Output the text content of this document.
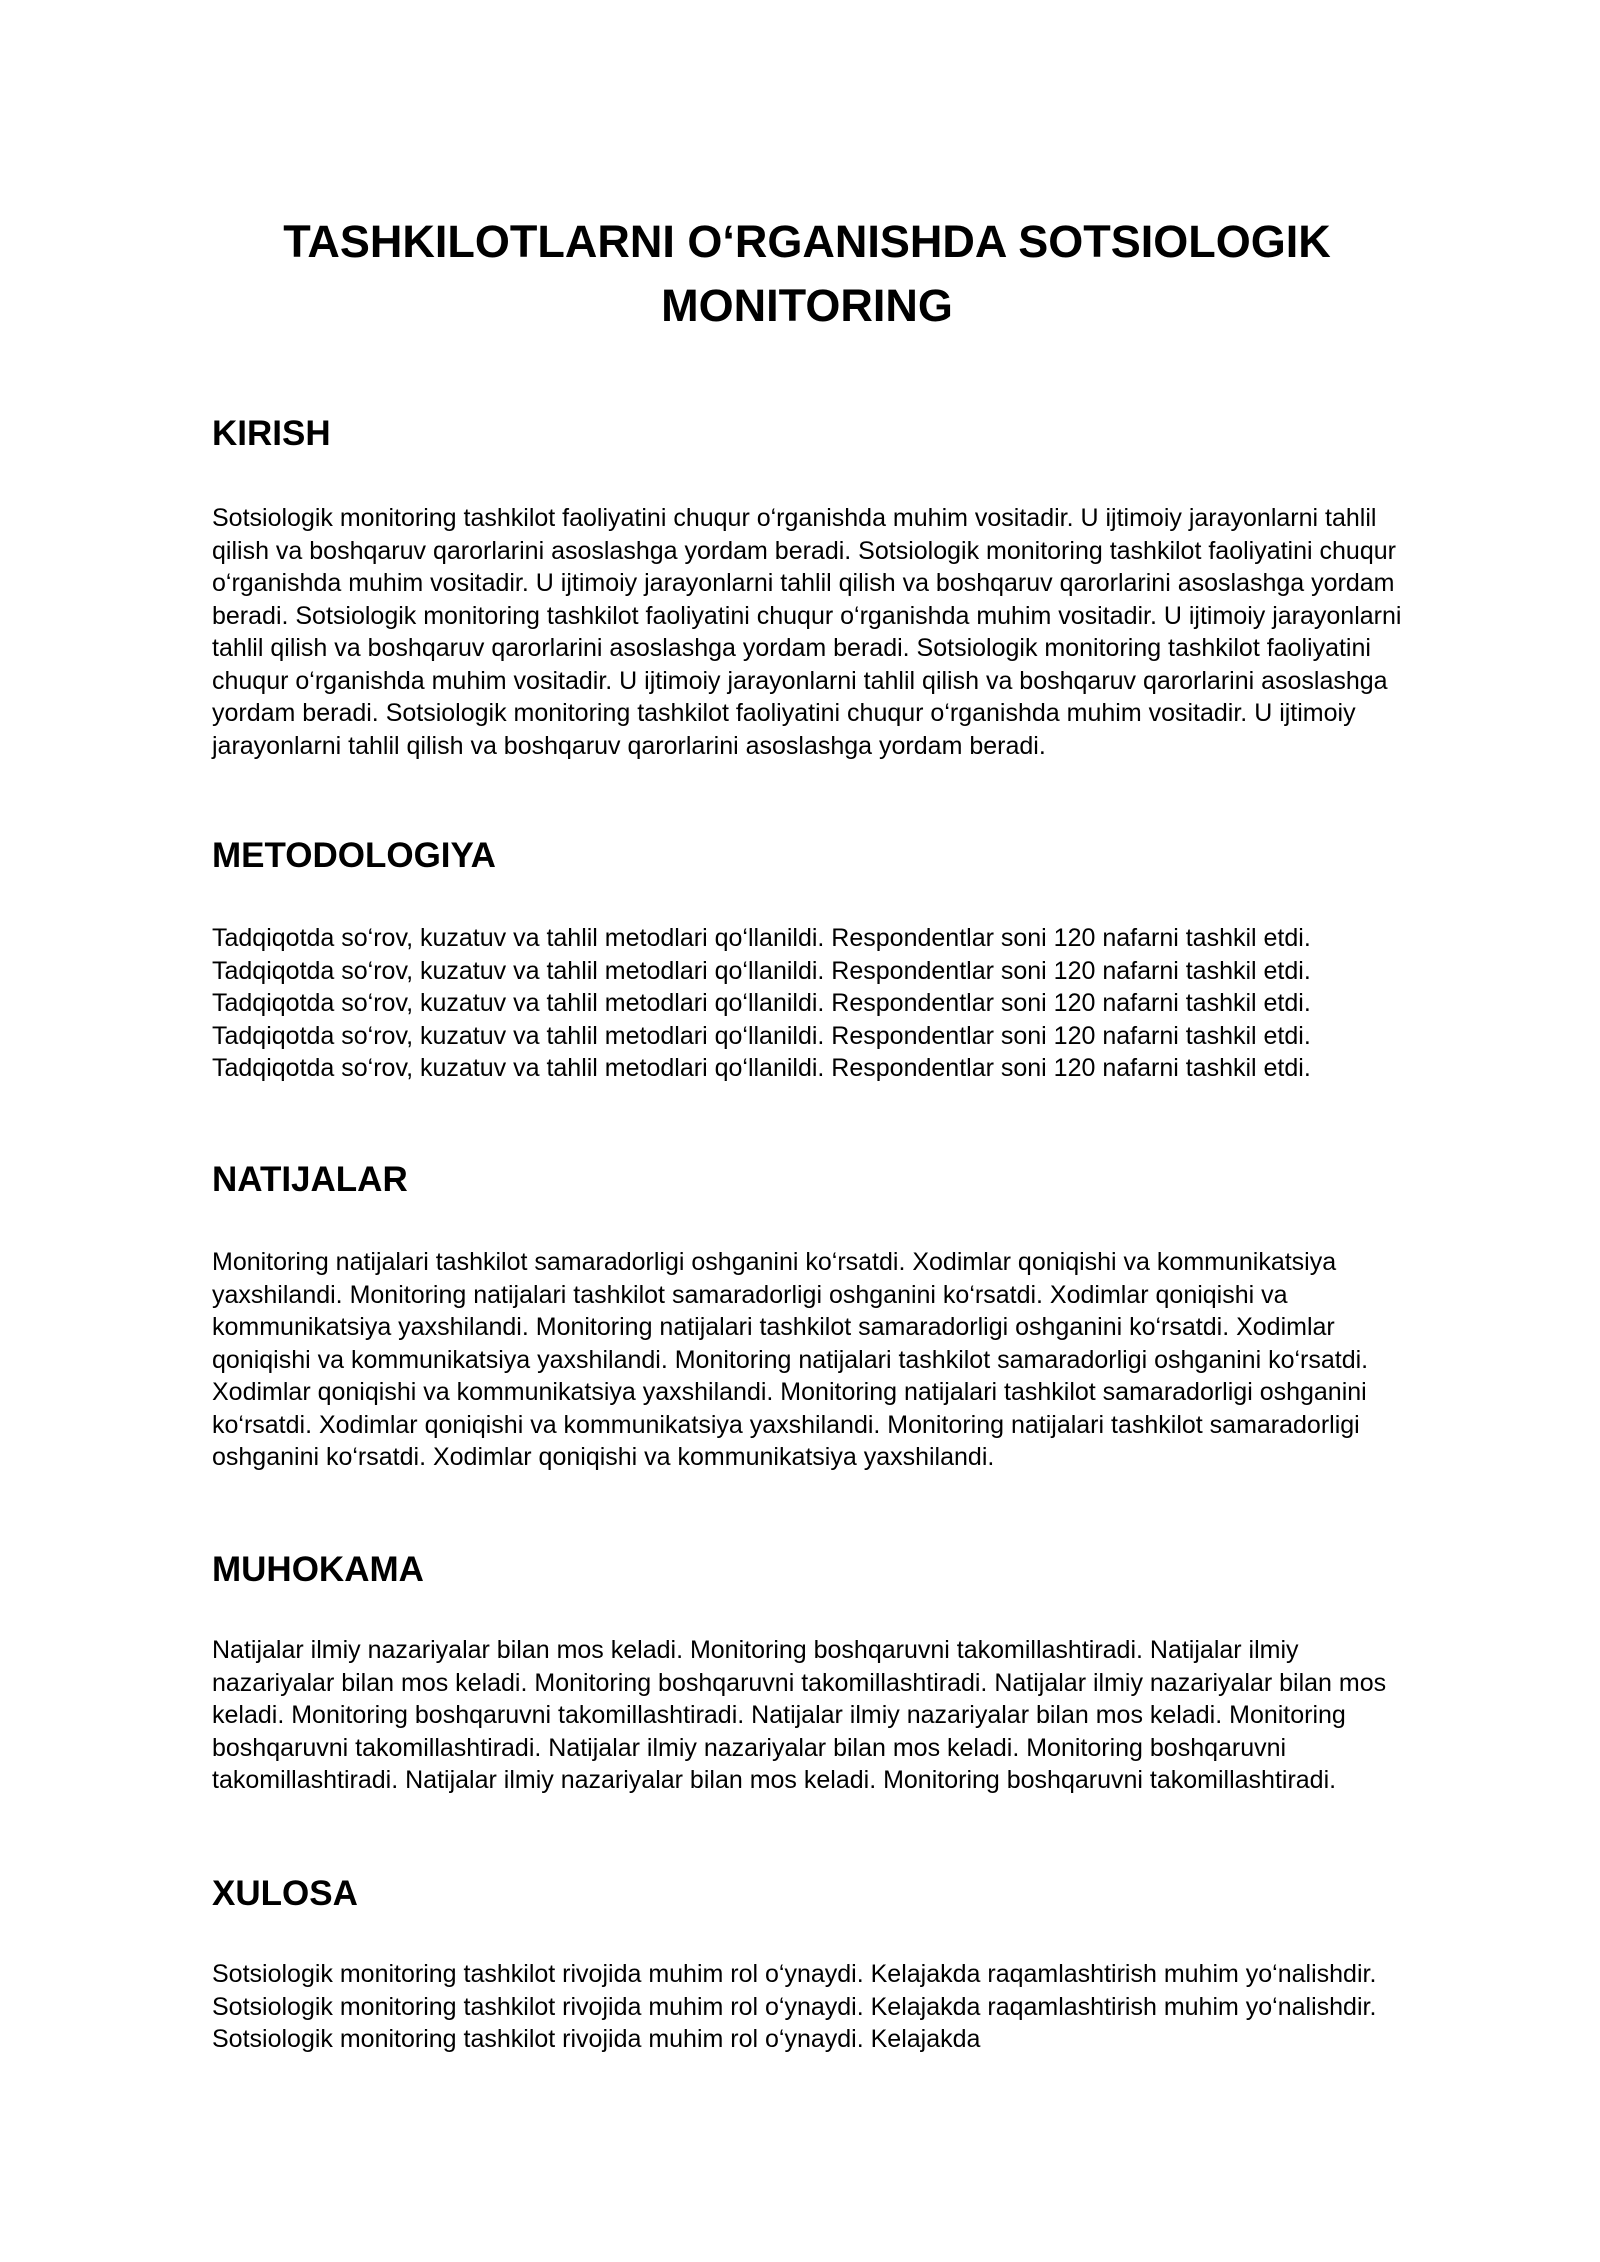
TASHKILOTLARNI O‘RGANISHDA SOTSIOLOGIK MONITORING
KIRISH

Sotsiologik monitoring tashkilot faoliyatini chuqur o‘rganishda muhim vositadir. U ijtimoiy jarayonlarni tahlil qilish va boshqaruv qarorlarini asoslashga yordam beradi. Sotsiologik monitoring tashkilot faoliyatini chuqur o‘rganishda muhim vositadir. U ijtimoiy jarayonlarni tahlil qilish va boshqaruv qarorlarini asoslashga yordam beradi. Sotsiologik monitoring tashkilot faoliyatini chuqur o‘rganishda muhim vositadir. U ijtimoiy jarayonlarni tahlil qilish va boshqaruv qarorlarini asoslashga yordam beradi. Sotsiologik monitoring tashkilot faoliyatini chuqur o‘rganishda muhim vositadir. U ijtimoiy jarayonlarni tahlil qilish va boshqaruv qarorlarini asoslashga yordam beradi. Sotsiologik monitoring tashkilot faoliyatini chuqur o‘rganishda muhim vositadir. U ijtimoiy jarayonlarni tahlil qilish va boshqaruv qarorlarini asoslashga yordam beradi.

METODOLOGIYA

Tadqiqotda so‘rov, kuzatuv va tahlil metodlari qo‘llanildi. Respondentlar soni 120 nafarni tashkil etdi. Tadqiqotda so‘rov, kuzatuv va tahlil metodlari qo‘llanildi. Respondentlar soni 120 nafarni tashkil etdi. Tadqiqotda so‘rov, kuzatuv va tahlil metodlari qo‘llanildi. Respondentlar soni 120 nafarni tashkil etdi. Tadqiqotda so‘rov, kuzatuv va tahlil metodlari qo‘llanildi. Respondentlar soni 120 nafarni tashkil etdi. Tadqiqotda so‘rov, kuzatuv va tahlil metodlari qo‘llanildi. Respondentlar soni 120 nafarni tashkil etdi.

NATIJALAR

Monitoring natijalari tashkilot samaradorligi oshganini ko‘rsatdi. Xodimlar qoniqishi va kommunikatsiya yaxshilandi. Monitoring natijalari tashkilot samaradorligi oshganini ko‘rsatdi. Xodimlar qoniqishi va kommunikatsiya yaxshilandi. Monitoring natijalari tashkilot samaradorligi oshganini ko‘rsatdi. Xodimlar qoniqishi va kommunikatsiya yaxshilandi. Monitoring natijalari tashkilot samaradorligi oshganini ko‘rsatdi. Xodimlar qoniqishi va kommunikatsiya yaxshilandi. Monitoring natijalari tashkilot samaradorligi oshganini ko‘rsatdi. Xodimlar qoniqishi va kommunikatsiya yaxshilandi. Monitoring natijalari tashkilot samaradorligi oshganini ko‘rsatdi. Xodimlar qoniqishi va kommunikatsiya yaxshilandi.

MUHOKAMA

Natijalar ilmiy nazariyalar bilan mos keladi. Monitoring boshqaruvni takomillashtiradi. Natijalar ilmiy nazariyalar bilan mos keladi. Monitoring boshqaruvni takomillashtiradi. Natijalar ilmiy nazariyalar bilan mos keladi. Monitoring boshqaruvni takomillashtiradi. Natijalar ilmiy nazariyalar bilan mos keladi. Monitoring boshqaruvni takomillashtiradi. Natijalar ilmiy nazariyalar bilan mos keladi. Monitoring boshqaruvni takomillashtiradi. Natijalar ilmiy nazariyalar bilan mos keladi. Monitoring boshqaruvni takomillashtiradi.

XULOSA

Sotsiologik monitoring tashkilot rivojida muhim rol o‘ynaydi. Kelajakda raqamlashtirish muhim yo‘nalishdir. Sotsiologik monitoring tashkilot rivojida muhim rol o‘ynaydi. Kelajakda raqamlashtirish muhim yo‘nalishdir. Sotsiologik monitoring tashkilot rivojida muhim rol o‘ynaydi. Kelajakda
